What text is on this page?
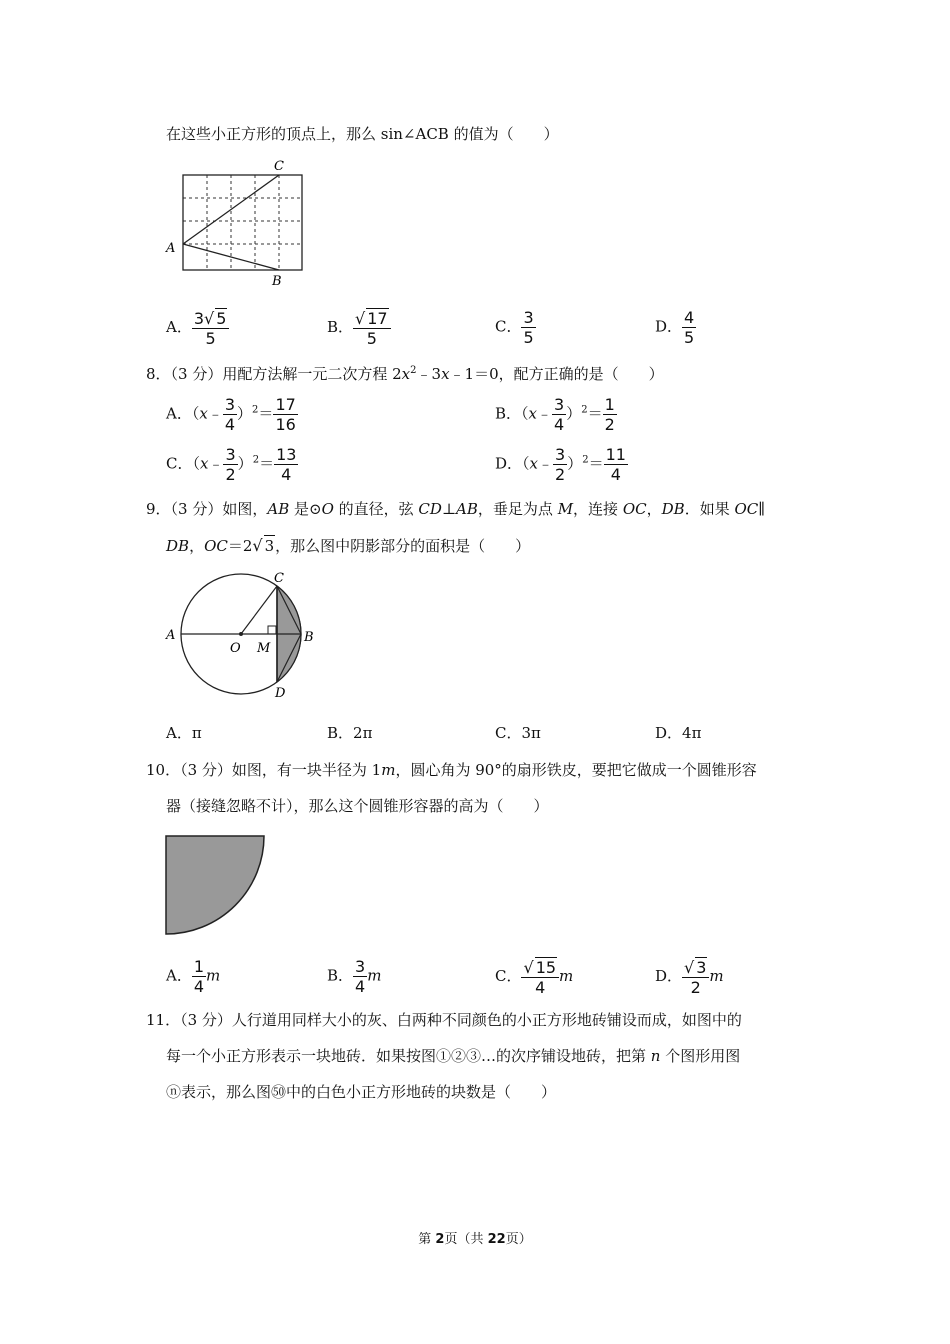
在这些小正方形的顶点上，那么 sin∠ACB 的值为（　　）
A
C
B
A． $\frac{3√ 5}{5}$	B． $\frac{√ 17}{5}$	C． $\frac{3}{5}$	D． $\frac{4}{5}$
8．（3 分）用配方法解一元二次方程 $2x^2﹣3x﹣1=0$，配方正确的是（　　）
A．（x﹣ $\frac{3}{4} )^2= \frac{17}{16}$	B．（x﹣ $\frac{3}{4} )^2= \frac{1}{2}$
C．（x﹣ $\frac{3}{2} )^2= \frac{13}{4}$	D．（x﹣ $\frac{3}{2} )^2= \frac{11}{4}$
9．（3 分）如图，AB 是⊙O 的直径，弦 CD⊥AB，垂足为点 M，连接 OC，DB．如果 OC∥
DB，OC＝2√ 3，那么图中阴影部分的面积是（　　）
A
O M
B
C
D
A．π	B．2π	C．3π	D．4π
10．（3 分）如图，有一块半径为 1m，圆心角为 90°的扇形铁皮，要把它做成一个圆锥形容
器（接缝忽略不计），那么这个圆锥形容器的高为（　　）
A． $\frac{1}{4}$ m	B． $\frac{3}{4}$ m	C． $\frac{√ 15}{4}$ m	D． $\frac{√ 3}{2}$ m
11．（3 分）人行道用同样大小的灰、白两种不同颜色的小正方形地砖铺设而成，如图中的
每一个小正方形表示一块地砖．如果按图①②③…的次序铺设地砖，把第 n 个图形用图
ⓝ表示，那么图㊿中的白色小正方形地砖的块数是（　　）
第 2页（共 22页）
